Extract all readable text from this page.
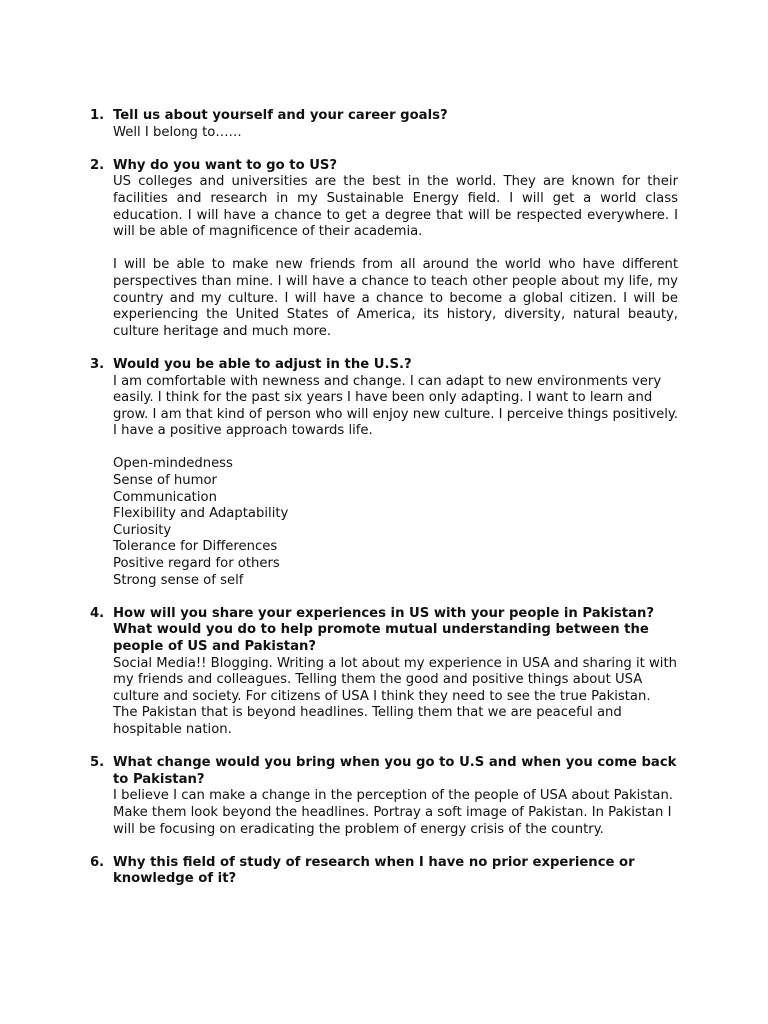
1. Tell us about yourself and your career goals?
Well I belong to……
2. Why do you want to go to US?
US colleges and universities are the best in the world. They are known for their facilities and research in my Sustainable Energy field. I will get a world class education. I will have a chance to get a degree that will be respected everywhere. I will be able of magnificence of their academia.
I will be able to make new friends from all around the world who have different perspectives than mine. I will have a chance to teach other people about my life, my country and my culture. I will have a chance to become a global citizen. I will be experiencing the United States of America, its history, diversity, natural beauty, culture heritage and much more.
3. Would you be able to adjust in the U.S.?
I am comfortable with newness and change. I can adapt to new environments very easily. I think for the past six years I have been only adapting. I want to learn and grow. I am that kind of person who will enjoy new culture. I perceive things positively. I have a positive approach towards life.
Open-mindedness
Sense of humor
Communication
Flexibility and Adaptability
Curiosity
Tolerance for Differences
Positive regard for others
Strong sense of self
4. How will you share your experiences in US with your people in Pakistan? What would you do to help promote mutual understanding between the people of US and Pakistan?
Social Media!! Blogging. Writing a lot about my experience in USA and sharing it with my friends and colleagues. Telling them the good and positive things about USA culture and society. For citizens of USA I think they need to see the true Pakistan. The Pakistan that is beyond headlines. Telling them that we are peaceful and hospitable nation.
5. What change would you bring when you go to U.S and when you come back to Pakistan?
I believe I can make a change in the perception of the people of USA about Pakistan. Make them look beyond the headlines. Portray a soft image of Pakistan. In Pakistan I will be focusing on eradicating the problem of energy crisis of the country.
6. Why this field of study of research when I have no prior experience or knowledge of it?
